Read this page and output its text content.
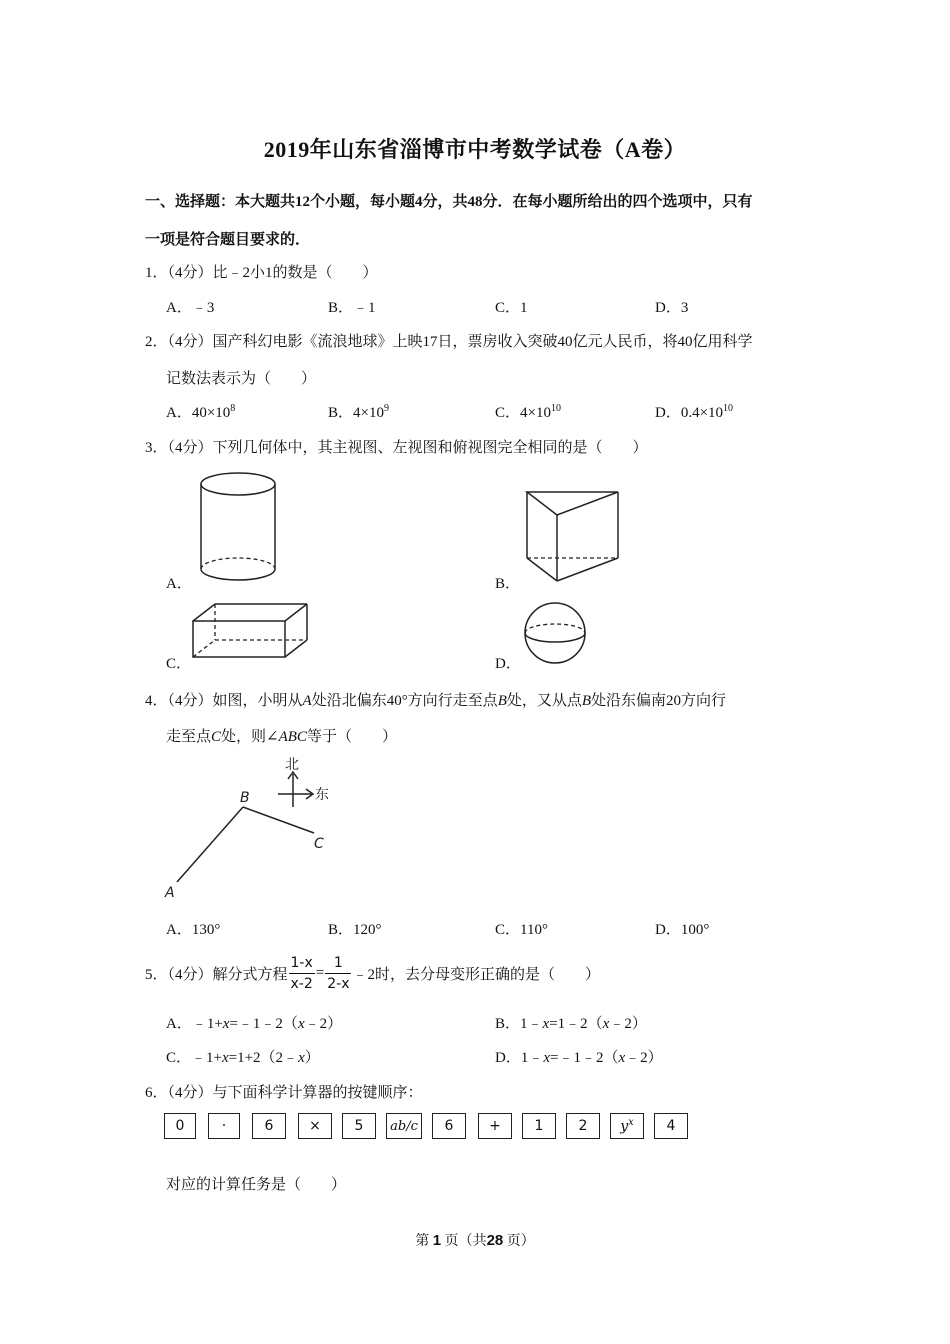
2019年山东省淄博市中考数学试卷（A卷）
一、选择题：本大题共12个小题，每小题4分，共48分．在每小题所给出的四个选项中，只有
一项是符合题目要求的．
1．（4分）比﹣2小1的数是（　　）
A．﹣3	B．﹣1	C．1	D．3
2．（4分）国产科幻电影《流浪地球》上映17日，票房收入突破40亿元人民币，将40亿用科学
记数法表示为（　　）
A．$40\times 10^8$	B．$4\times 10^9$	C．$4\times 10^{10}$	D．$0.4\times 10^{10}$
3．（4分）下列几何体中，其主视图、左视图和俯视图完全相同的是（　　）
A．	B．
C．	D．
4．（4分）如图，小明从A处沿北偏东40°方向行走至点B处，又从点B处沿东偏南20方向行
走至点C处，则∠ABC等于（　　）
北
东
A
B
C
A．130°	B．120°	C．110°	D．100°
5．（4分）解分式方程 $\frac{1-x}{x-2} = \frac{1}{2-x}$ ﹣2时，去分母变形正确的是（　　）
A．﹣1+x=﹣1﹣2（x﹣2）	B．1﹣x=1﹣2（x﹣2）
C．﹣1+x=1+2（2﹣x）	D．1﹣x=﹣1﹣2（x﹣2）
6．（4分）与下面科学计算器的按键顺序：
0	·	6	×	5	ab/c	6	+	1	2	$y^x$	4
对应的计算任务是（　　）
第 1 页（共28 页）
